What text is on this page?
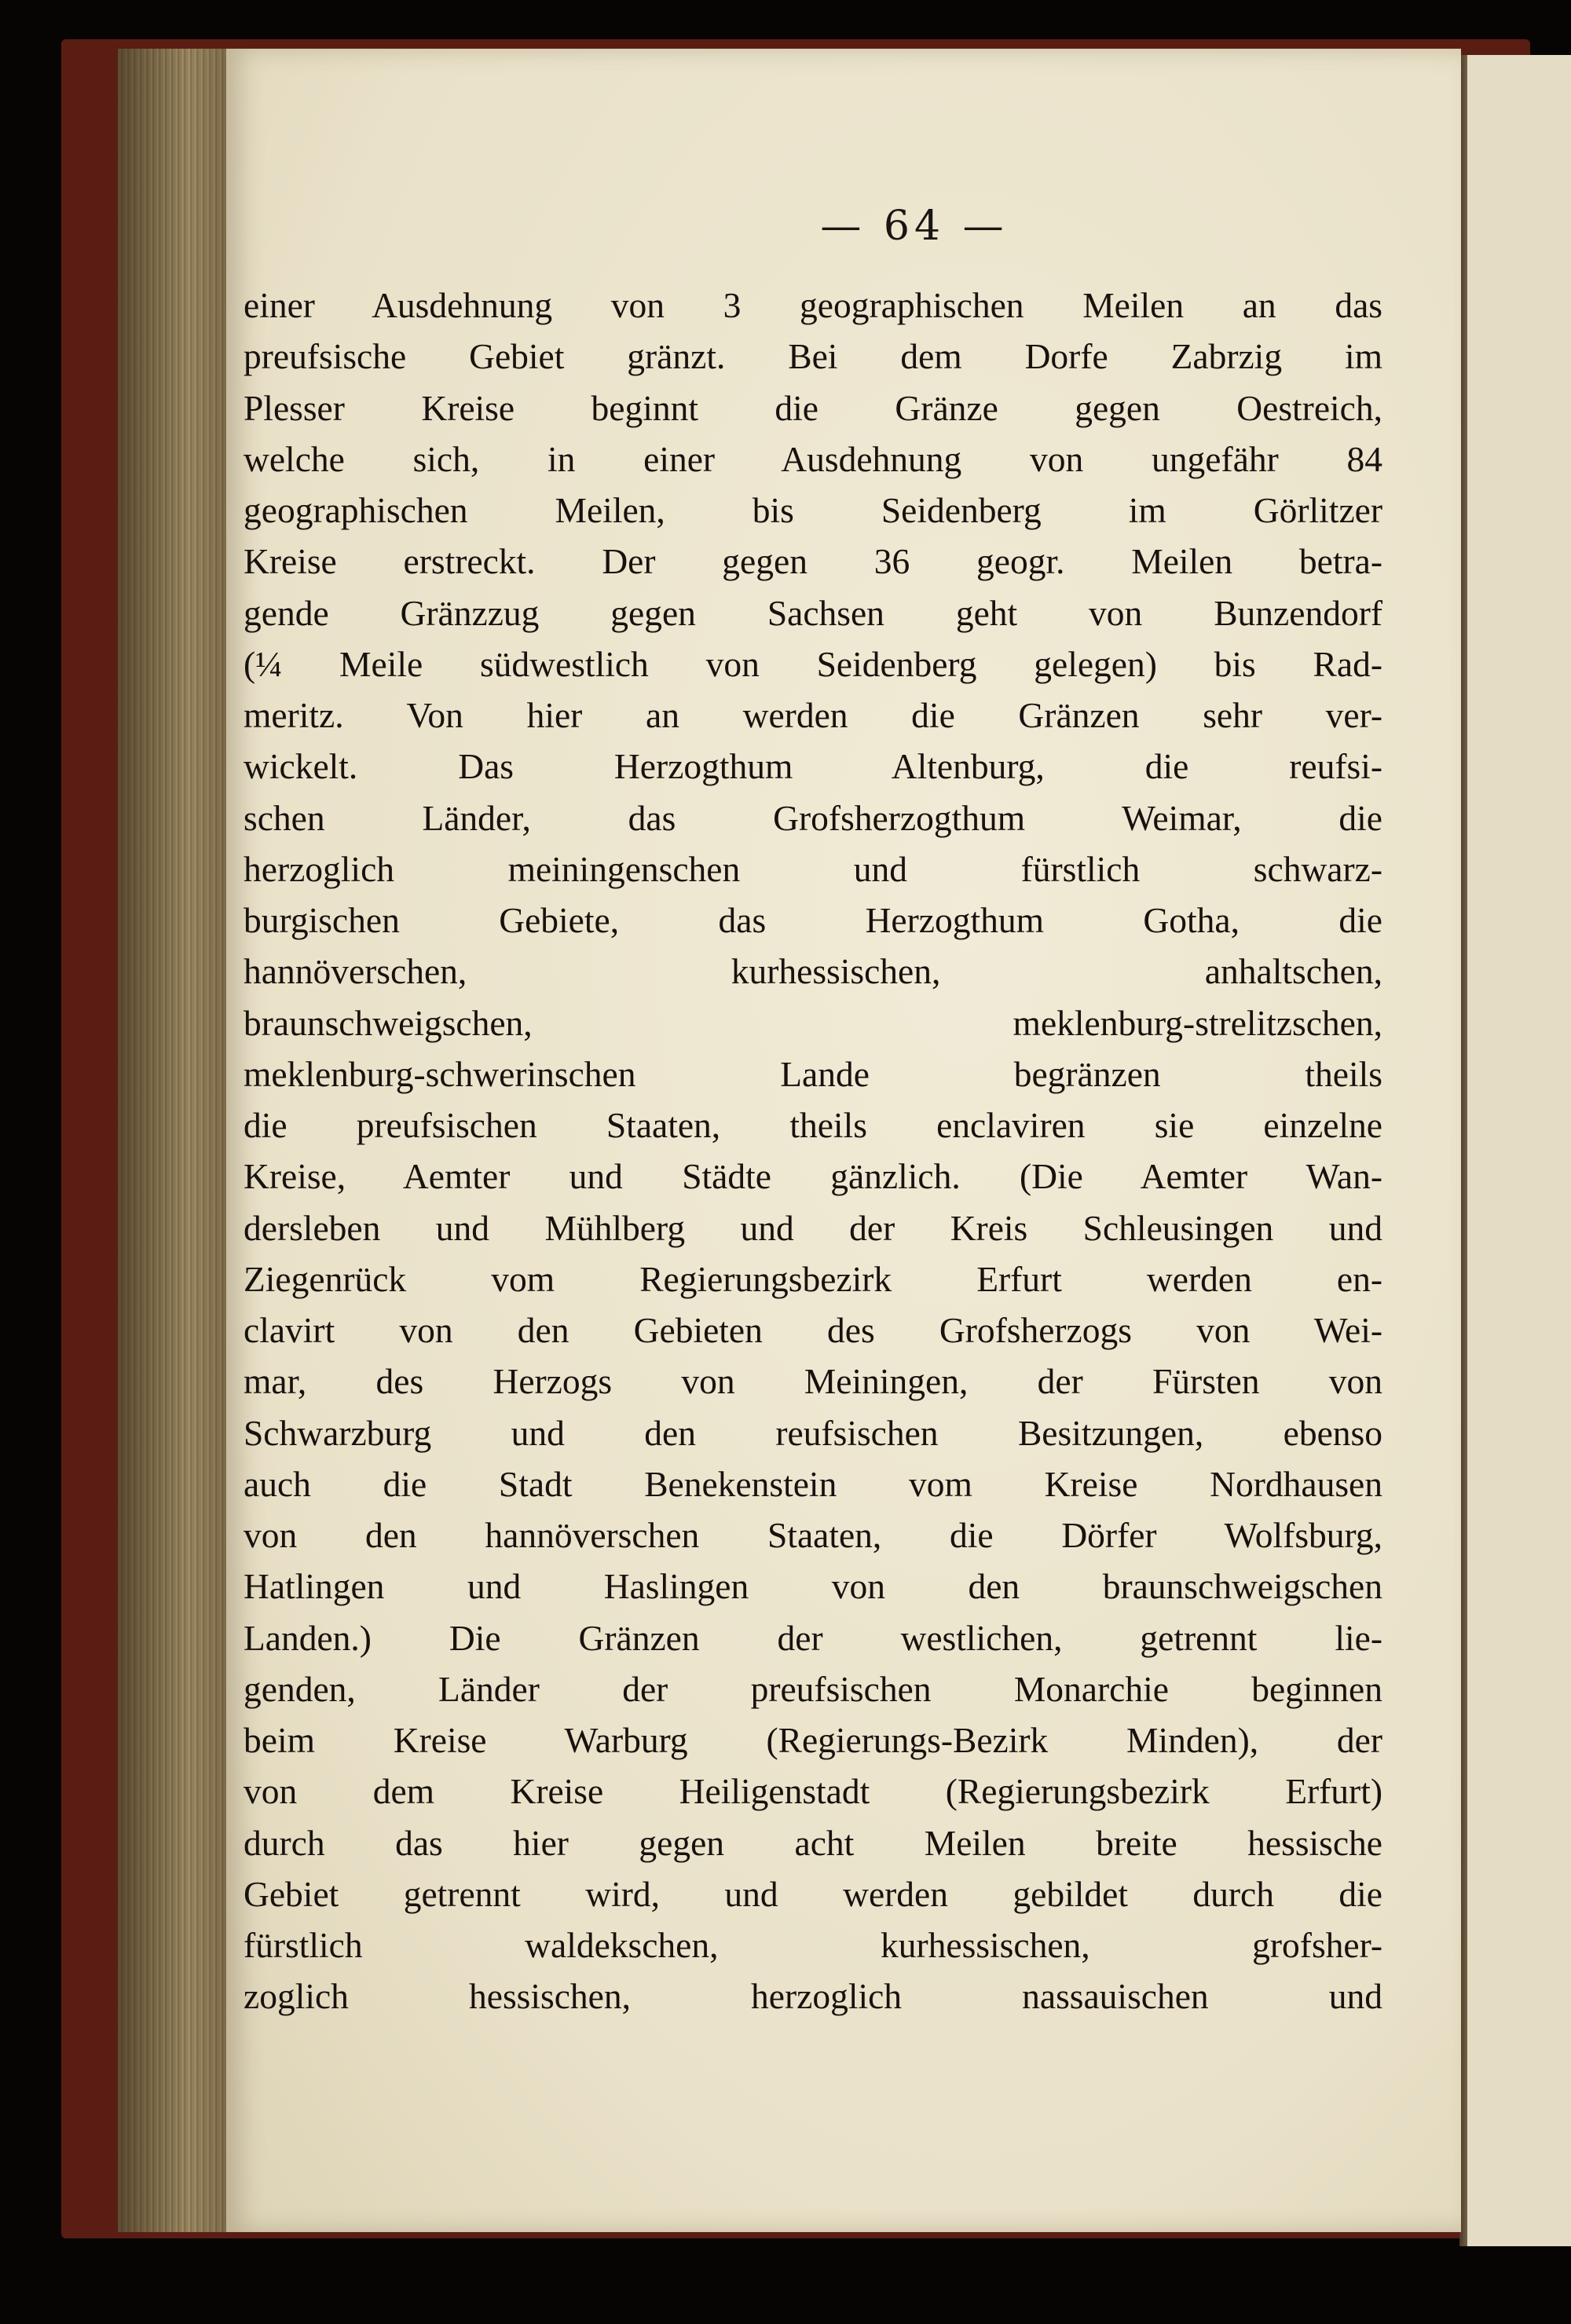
— 64 —
einer Ausdehnung von 3 geographischen Meilen an das
preufsische Gebiet gränzt. Bei dem Dorfe Zabrzig im
Plesser Kreise beginnt die Gränze gegen Oestreich,
welche sich, in einer Ausdehnung von ungefähr 84
geographischen Meilen, bis Seidenberg im Görlitzer
Kreise erstreckt. Der gegen 36 geogr. Meilen betra-
gende Gränzzug gegen Sachsen geht von Bunzendorf
(¼ Meile südwestlich von Seidenberg gelegen) bis Rad-
meritz. Von hier an werden die Gränzen sehr ver-
wickelt. Das Herzogthum Altenburg, die reufsi-
schen Länder, das Grofsherzogthum Weimar, die
herzoglich meiningenschen und fürstlich schwarz-
burgischen Gebiete, das Herzogthum Gotha, die
hannöverschen, kurhessischen, anhaltschen,
braunschweigschen, meklenburg-strelitzschen,
meklenburg-schwerinschen Lande begränzen theils
die preufsischen Staaten, theils enclaviren sie einzelne
Kreise, Aemter und Städte gänzlich. (Die Aemter Wan-
dersleben und Mühlberg und der Kreis Schleusingen und
Ziegenrück vom Regierungsbezirk Erfurt werden en-
clavirt von den Gebieten des Grofsherzogs von Wei-
mar, des Herzogs von Meiningen, der Fürsten von
Schwarzburg und den reufsischen Besitzungen, ebenso
auch die Stadt Benekenstein vom Kreise Nordhausen
von den hannöverschen Staaten, die Dörfer Wolfsburg,
Hatlingen und Haslingen von den braunschweigschen
Landen.) Die Gränzen der westlichen, getrennt lie-
genden, Länder der preufsischen Monarchie beginnen
beim Kreise Warburg (Regierungs-Bezirk Minden), der
von dem Kreise Heiligenstadt (Regierungsbezirk Erfurt)
durch das hier gegen acht Meilen breite hessische
Gebiet getrennt wird, und werden gebildet durch die
fürstlich waldekschen, kurhessischen, grofsher-
zoglich hessischen, herzoglich nassauischen und
